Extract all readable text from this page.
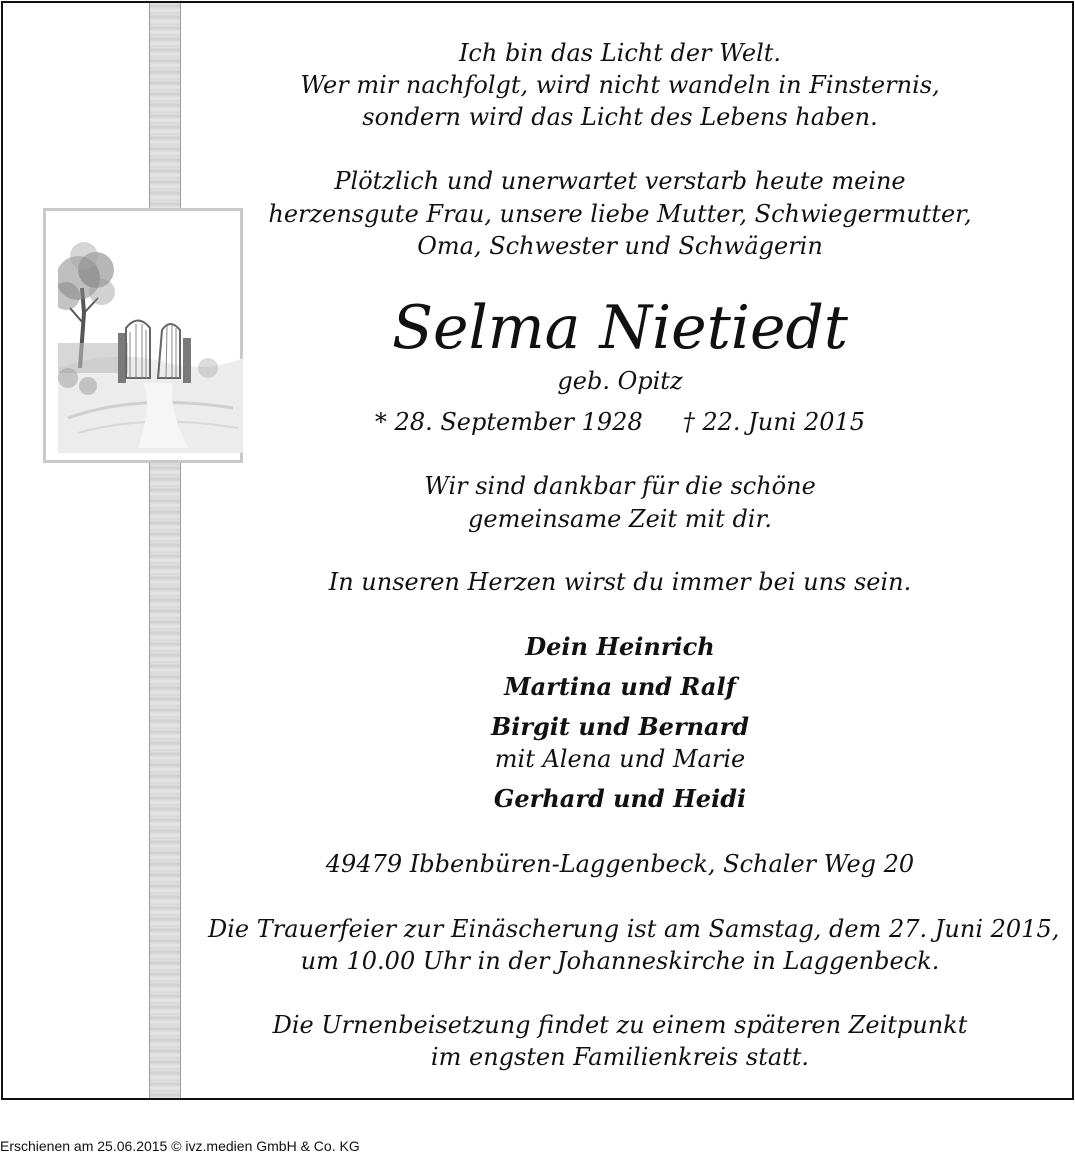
Ich bin das Licht der Welt.
Wer mir nachfolgt, wird nicht wandeln in Finsternis,
sondern wird das Licht des Lebens haben.
Plötzlich und unerwartet verstarb heute meine
herzensgute Frau, unsere liebe Mutter, Schwiegermutter,
Oma, Schwester und Schwägerin
Selma Nietiedt
geb. Opitz
* 28. September 1928 † 22. Juni 2015
Wir sind dankbar für die schöne
gemeinsame Zeit mit dir.
In unseren Herzen wirst du immer bei uns sein.
Dein Heinrich
Martina und Ralf
Birgit und Bernard
mit Alena und Marie
Gerhard und Heidi
49479 Ibbenbüren-Laggenbeck, Schaler Weg 20
Die Trauerfeier zur Einäscherung ist am Samstag, dem 27. Juni 2015,
um 10.00 Uhr in der Johanneskirche in Laggenbeck.
Die Urnenbeisetzung findet zu einem späteren Zeitpunkt
im engsten Familienkreis statt.
Erschienen am 25.06.2015 © ivz.medien GmbH & Co. KG
